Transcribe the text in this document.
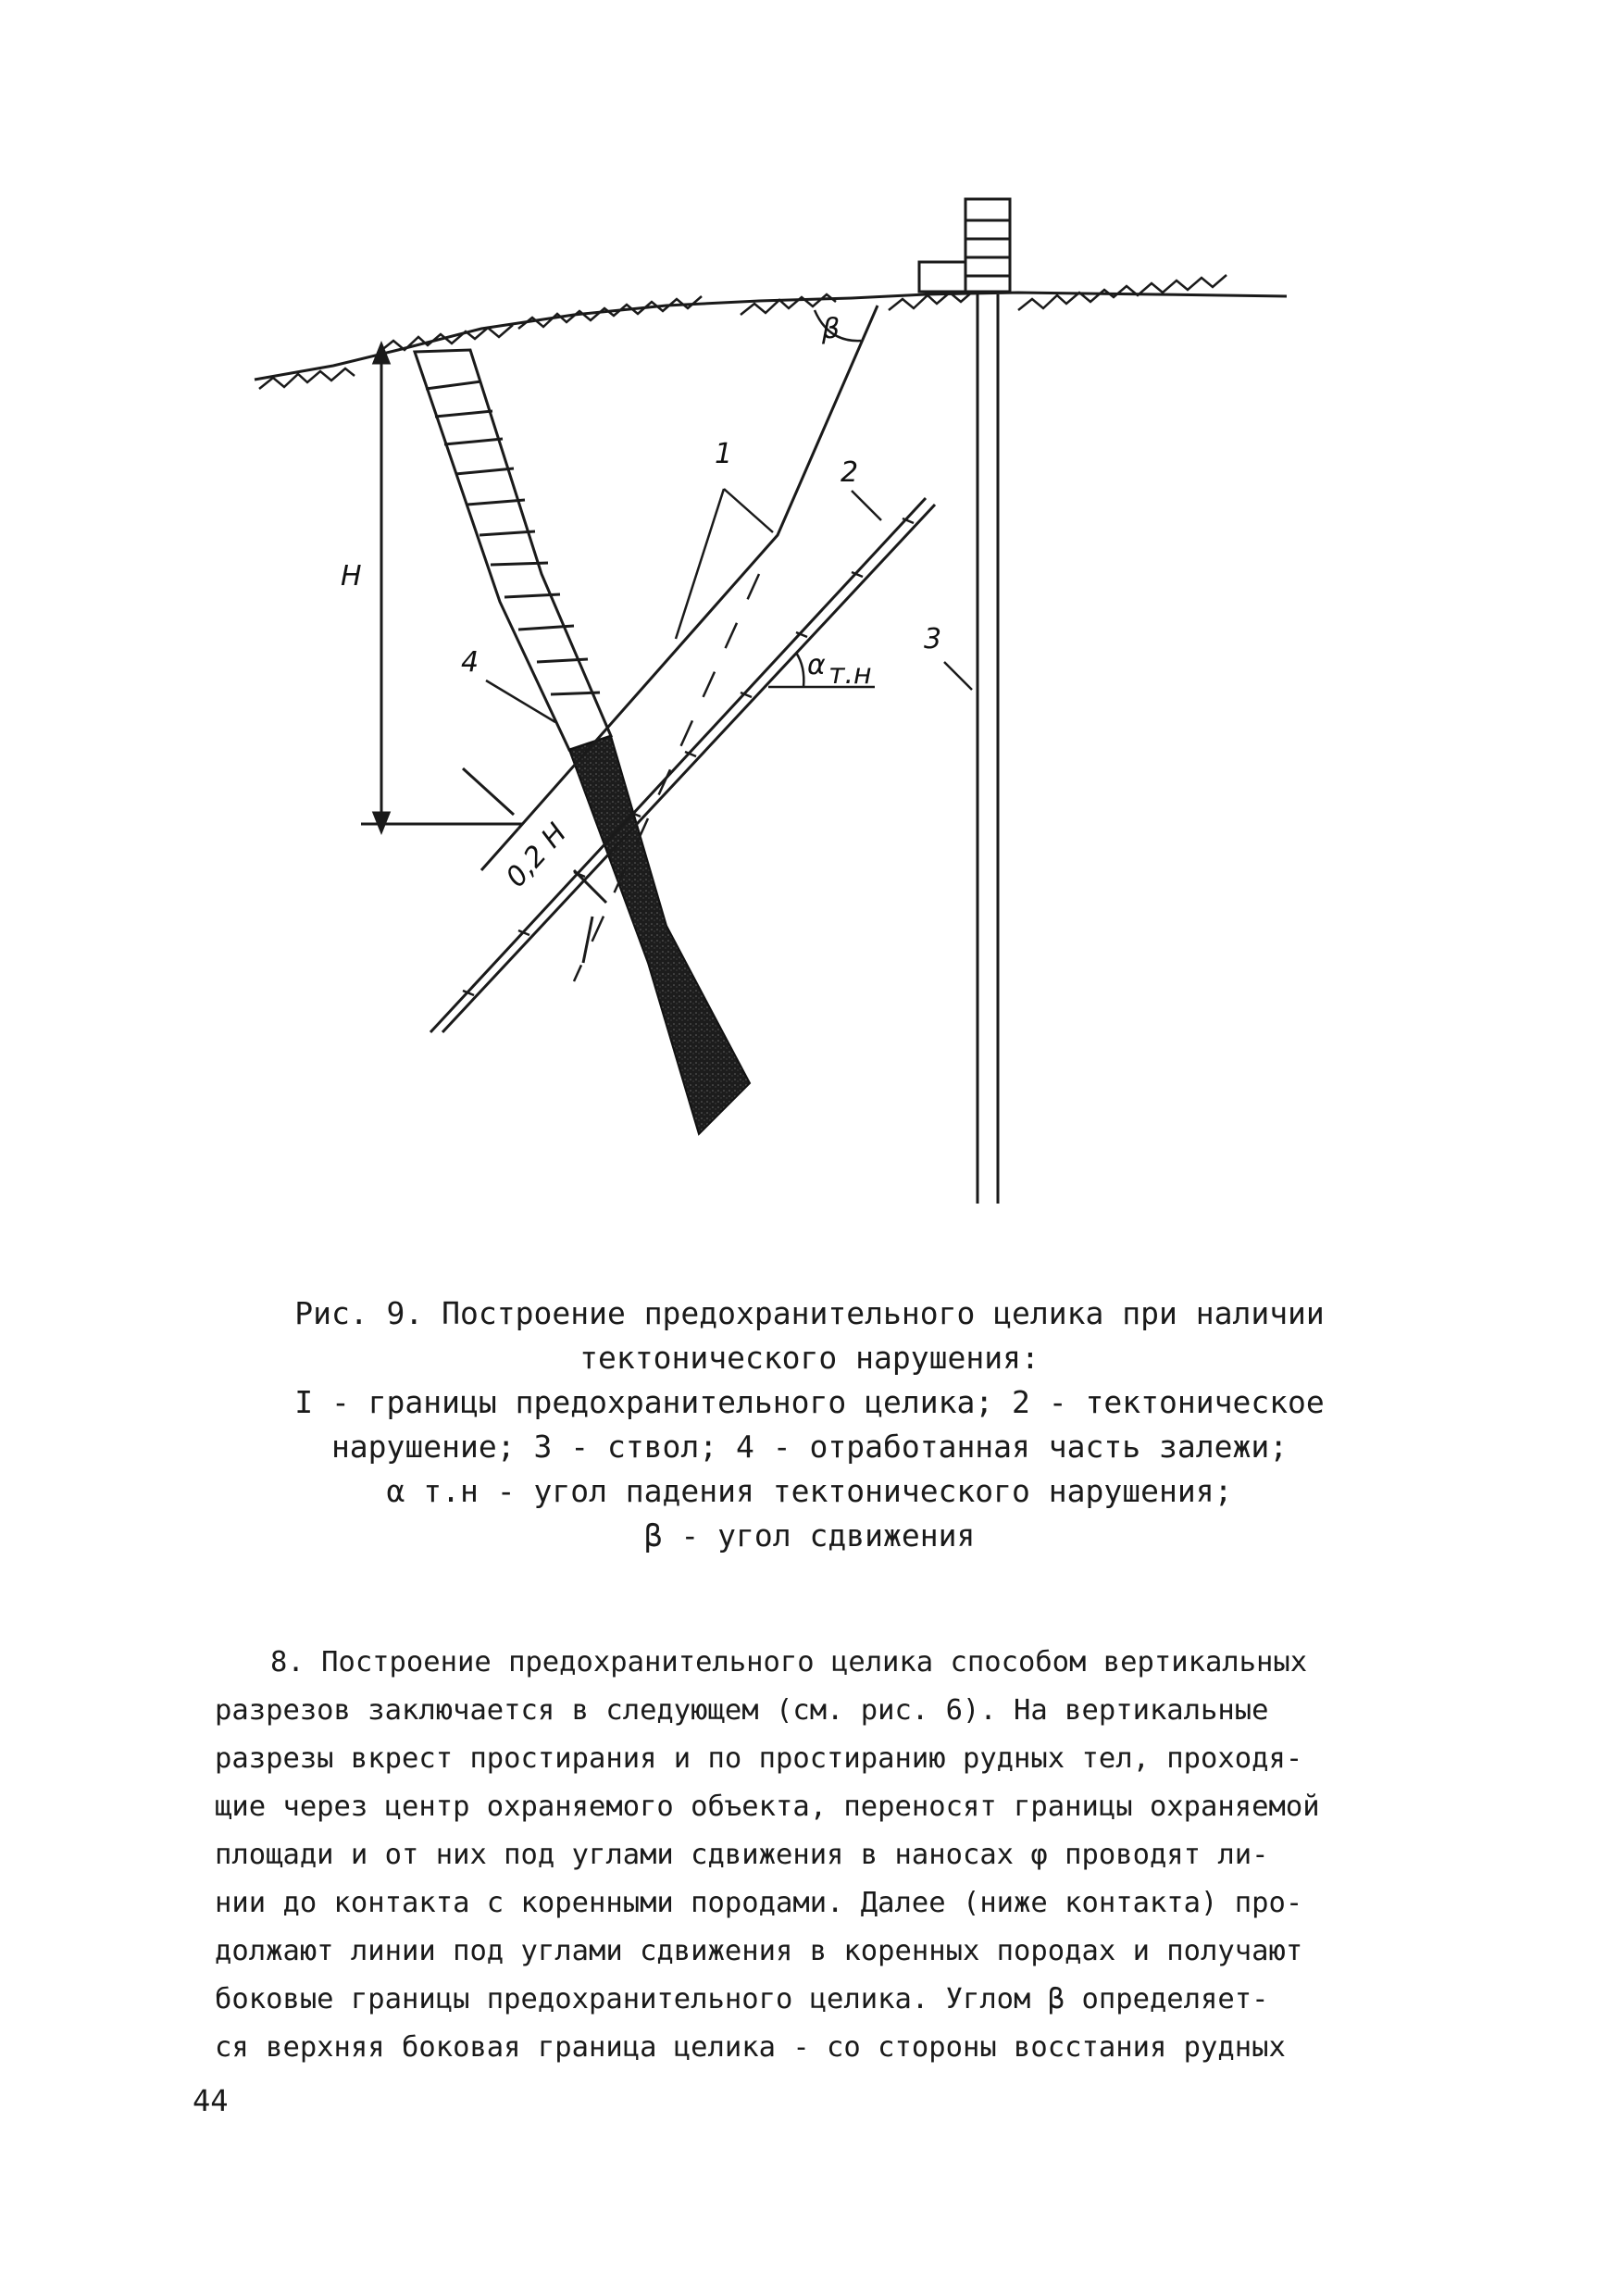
1
2
3
4
H
0,2 H
α т.н
β
Рис. 9. Построение предохранительного целика при наличии
тектонического нарушения:
I - границы предохранительного целика; 2 - тектоническое
нарушение; 3 - ствол; 4 - отработанная часть залежи;
α т.н - угол падения тектонического нарушения;
β - угол сдвижения
8. Построение предохранительного целика способом вертикальных
разрезов заключается в следующем (см. рис. 6). На вертикальные
разрезы вкрест простирания и по простиранию рудных тел, проходя-
щие через центр охраняемого объекта, переносят границы охраняемой
площади и от них под углами сдвижения в наносах φ проводят ли-
нии до контакта с коренными породами. Далее (ниже контакта) про-
должают линии под углами сдвижения в коренных породах и получают
боковые границы предохранительного целика. Углом β определяет-
ся верхняя боковая граница целика - со стороны восстания рудных
44
